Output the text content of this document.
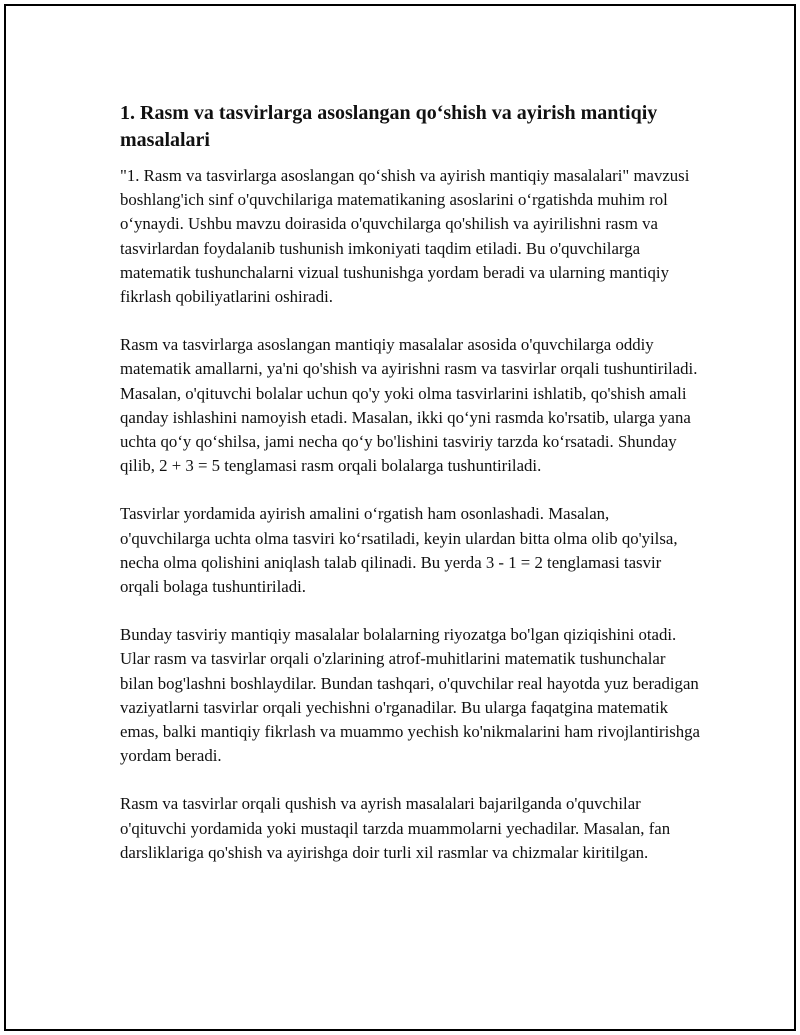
1. Rasm va tasvirlarga asoslangan qo‘shish va ayirish mantiqiy masalalari

"1. Rasm va tasvirlarga asoslangan qo‘shish va ayirish mantiqiy masalalari" mavzusi boshlang'ich sinf o'quvchilariga matematikaning asoslarini o‘rgatishda muhim rol o‘ynaydi. Ushbu mavzu doirasida o'quvchilarga qo'shilish va ayirilishni rasm va tasvirlardan foydalanib tushunish imkoniyati taqdim etiladi. Bu o'quvchilarga matematik tushunchalarni vizual tushunishga yordam beradi va ularning mantiqiy fikrlash qobiliyatlarini oshiradi.

Rasm va tasvirlarga asoslangan mantiqiy masalalar asosida o'quvchilarga oddiy matematik amallarni, ya'ni qo'shish va ayirishni rasm va tasvirlar orqali tushuntiriladi. Masalan, o'qituvchi bolalar uchun qo'y yoki olma tasvirlarini ishlatib, qo'shish amali qanday ishlashini namoyish etadi. Masalan, ikki qo‘yni rasmda ko'rsatib, ularga yana uchta qo‘y qo‘shilsa, jami necha qo‘y bo'lishini tasviriy tarzda ko‘rsatadi. Shunday qilib, 2 + 3 = 5 tenglamasi rasm orqali bolalarga tushuntiriladi.

Tasvirlar yordamida ayirish amalini o‘rgatish ham osonlashadi. Masalan, o'quvchilarga uchta olma tasviri ko‘rsatiladi, keyin ulardan bitta olma olib qo'yilsa, necha olma qolishini aniqlash talab qilinadi. Bu yerda 3 - 1 = 2 tenglamasi tasvir orqali bolaga tushuntiriladi.

Bunday tasviriy mantiqiy masalalar bolalarning riyozatga bo'lgan qiziqishini otadi. Ular rasm va tasvirlar orqali o'zlarining atrof-muhitlarini matematik tushunchalar bilan bog'lashni boshlaydilar. Bundan tashqari, o'quvchilar real hayotda yuz beradigan vaziyatlarni tasvirlar orqali yechishni o'rganadilar. Bu ularga faqatgina matematik emas, balki mantiqiy fikrlash va muammo yechish ko'nikmalarini ham rivojlantirishga yordam beradi.

Rasm va tasvirlar orqali qushish va ayrish masalalari bajarilganda o'quvchilar o'qituvchi yordamida yoki mustaqil tarzda muammolarni yechadilar. Masalan, fan darsliklariga qo'shish va ayirishga doir turli xil rasmlar va chizmalar kiritilgan.
